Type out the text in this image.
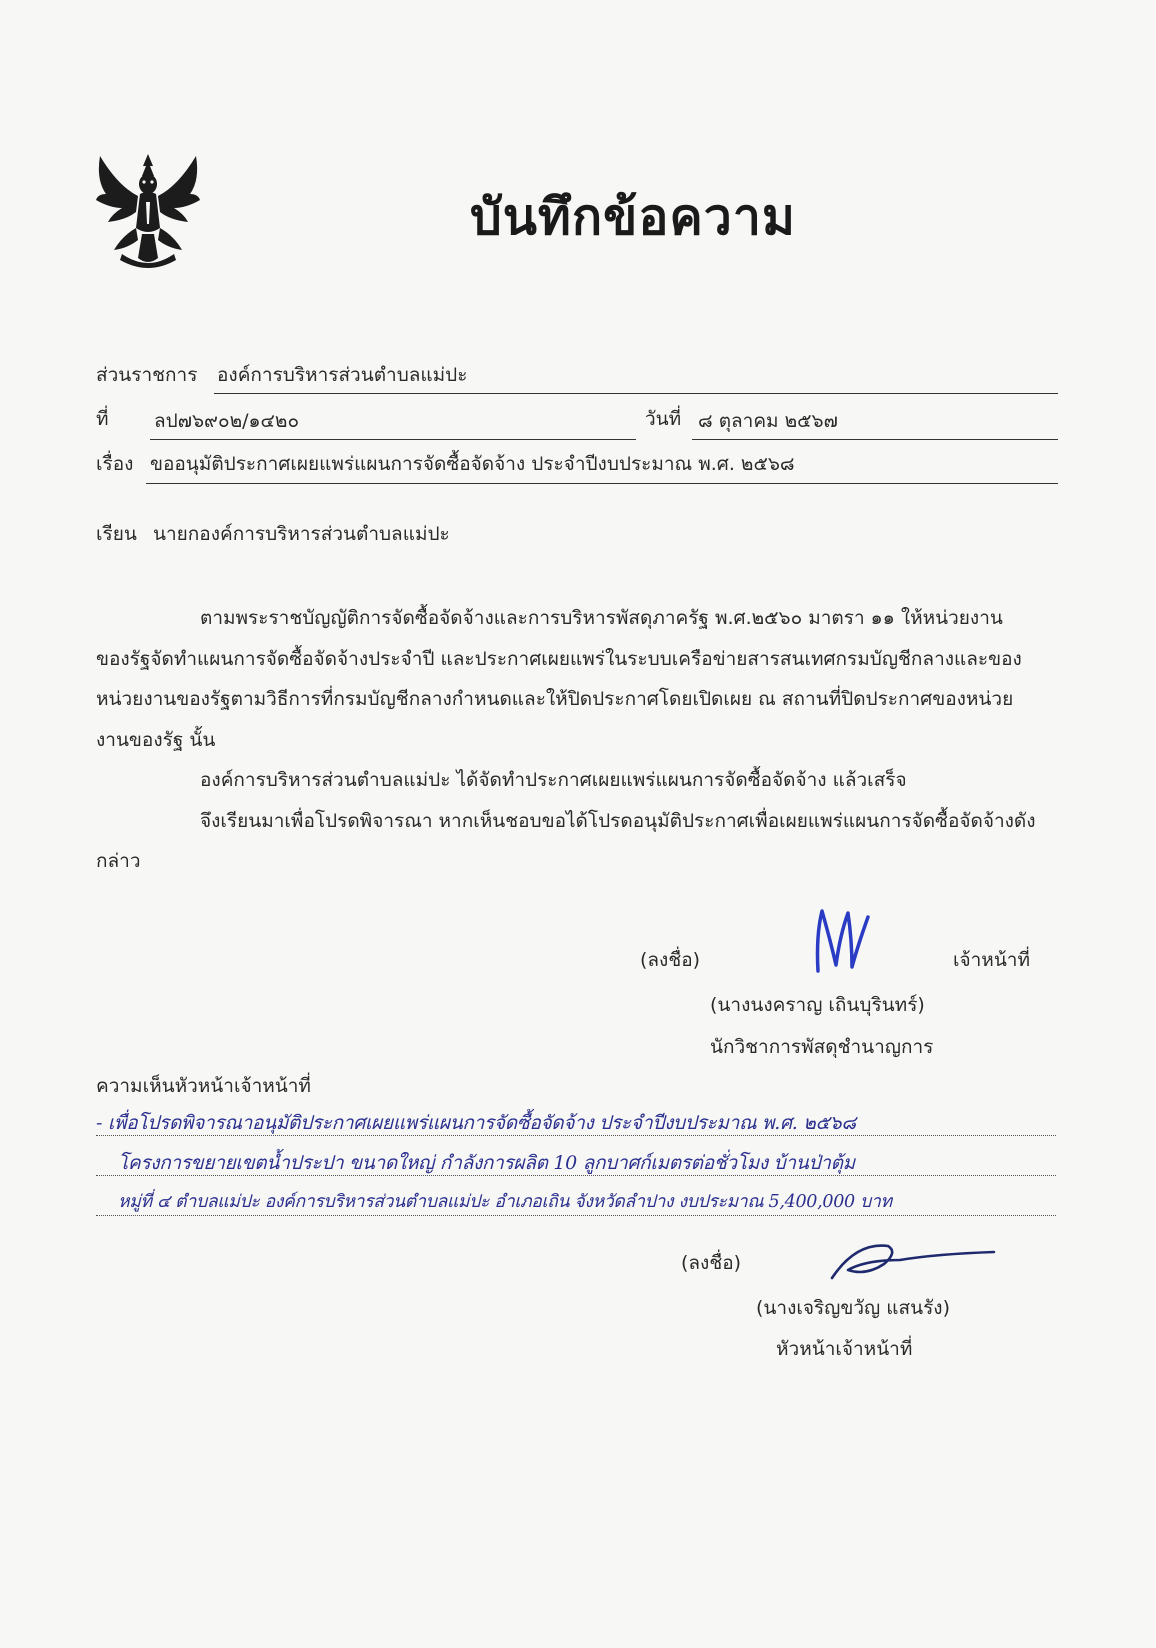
บันทึกข้อความ
ส่วนราชการ องค์การบริหารส่วนตำบลแม่ปะ
ที่ ลป๗๖๙๐๒/๑๔๒๐	วันที่ ๘ ตุลาคม ๒๕๖๗
เรื่อง ขออนุมัติประกาศเผยแพร่แผนการจัดซื้อจัดจ้าง ประจำปีงบประมาณ พ.ศ. ๒๕๖๘
เรียน นายกองค์การบริหารส่วนตำบลแม่ปะ
ตามพระราชบัญญัติการจัดซื้อจัดจ้างและการบริหารพัสดุภาครัฐ พ.ศ.๒๕๖๐ มาตรา ๑๑ ให้หน่วยงาน
ของรัฐจัดทำแผนการจัดซื้อจัดจ้างประจำปี และประกาศเผยแพร่ในระบบเครือข่ายสารสนเทศกรมบัญชีกลางและของ
หน่วยงานของรัฐตามวิธีการที่กรมบัญชีกลางกำหนดและให้ปิดประกาศโดยเปิดเผย ณ สถานที่ปิดประกาศของหน่วย
งานของรัฐ นั้น
องค์การบริหารส่วนตำบลแม่ปะ ได้จัดทำประกาศเผยแพร่แผนการจัดซื้อจัดจ้าง แล้วเสร็จ
จึงเรียนมาเพื่อโปรดพิจารณา หากเห็นชอบขอได้โปรดอนุมัติประกาศเพื่อเผยแพร่แผนการจัดซื้อจัดจ้างดัง
กล่าว
(ลงชื่อ)	เจ้าหน้าที่
(นางนงคราญ เถินบุรินทร์)
นักวิชาการพัสดุชำนาญการ
ความเห็นหัวหน้าเจ้าหน้าที่
- เพื่อโปรดพิจารณาอนุมัติประกาศเผยแพร่แผนการจัดซื้อจัดจ้าง ประจำปีงบประมาณ พ.ศ. ๒๕๖๘
โครงการขยายเขตน้ำประปา ขนาดใหญ่ กำลังการผลิต 10 ลูกบาศก์เมตรต่อชั่วโมง บ้านป่าตุ้ม
หมู่ที่ ๔ ตำบลแม่ปะ องค์การบริหารส่วนตำบลแม่ปะ อำเภอเถิน จังหวัดลำปาง งบประมาณ 5,400,000 บาท
(ลงชื่อ)
(นางเจริญขวัญ แสนรัง)
หัวหน้าเจ้าหน้าที่
